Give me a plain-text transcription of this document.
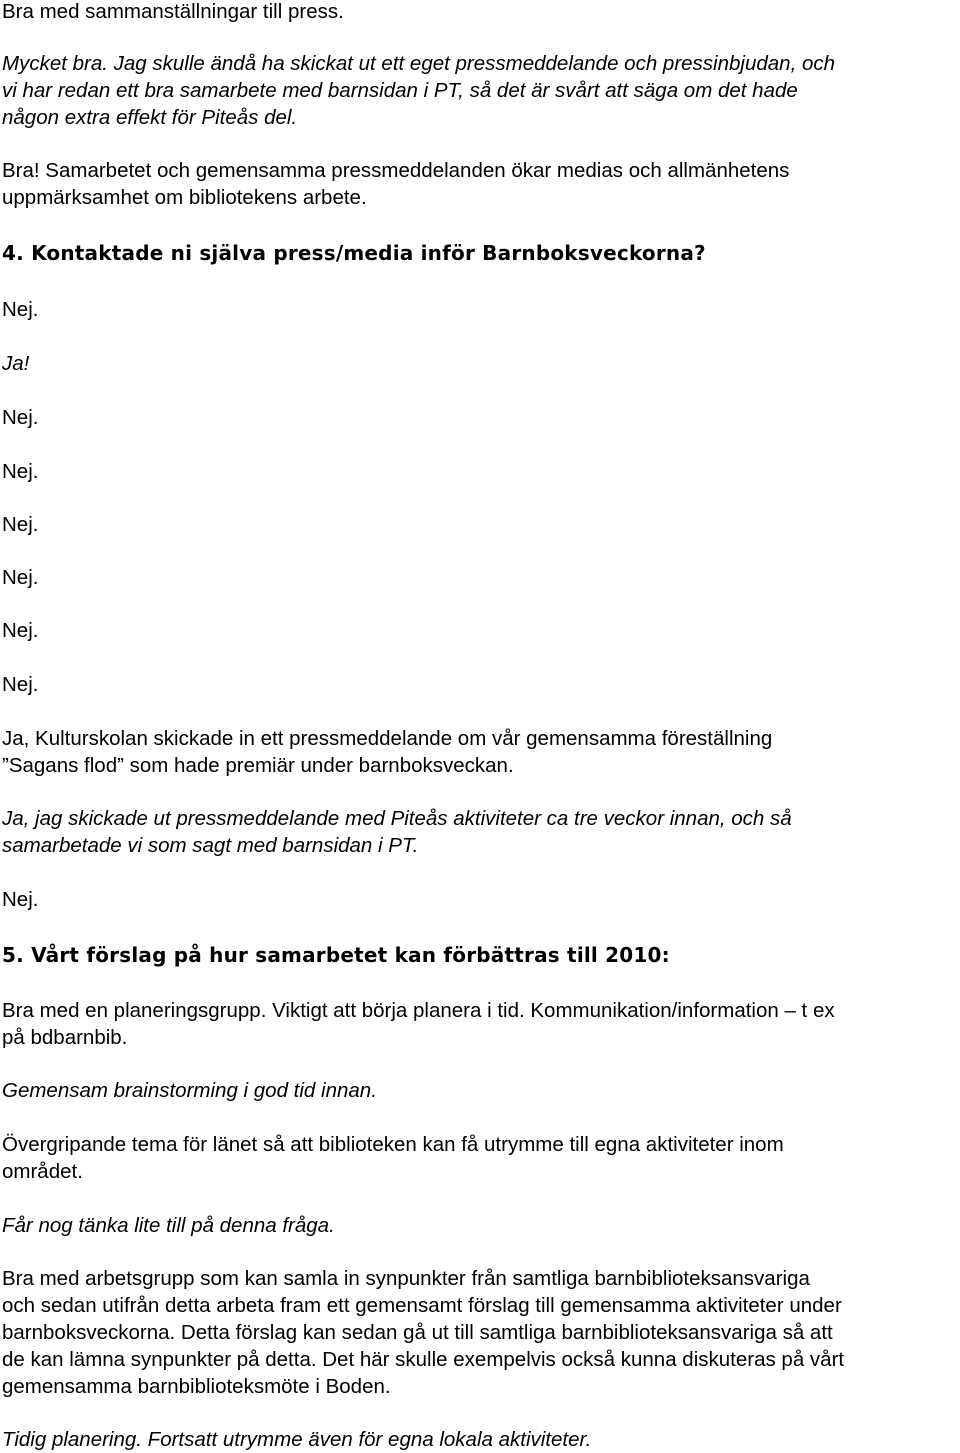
Bra med sammanställningar till press.

Mycket bra. Jag skulle ändå ha skickat ut ett eget pressmeddelande och pressinbjudan, och

vi har redan ett bra samarbete med barnsidan i PT, så det är svårt att säga om det hade

någon extra effekt för Piteås del.

Bra! Samarbetet och gemensamma pressmeddelanden ökar medias och allmänhetens

uppmärksamhet om bibliotekens arbete.

4. Kontaktade ni själva press/media inför Barnboksveckorna?

Nej.

Ja!

Nej.

Nej.

Nej.

Nej.

Nej.

Nej.

Ja, Kulturskolan skickade in ett pressmeddelande om vår gemensamma föreställning

”Sagans flod” som hade premiär under barnboksveckan.

Ja, jag skickade ut pressmeddelande med Piteås aktiviteter ca tre veckor innan, och så

samarbetade vi som sagt med barnsidan i PT.

Nej.

5. Vårt förslag på hur samarbetet kan förbättras till 2010:

Bra med en planeringsgrupp. Viktigt att börja planera i tid. Kommunikation/information – t ex

på bdbarnbib.

Gemensam brainstorming i god tid innan.

Övergripande tema för länet så att biblioteken kan få utrymme till egna aktiviteter inom

området.

Får nog tänka lite till på denna fråga.

Bra med arbetsgrupp som kan samla in synpunkter från samtliga barnbiblioteksansvariga

och sedan utifrån detta arbeta fram ett gemensamt förslag till gemensamma aktiviteter under

barnboksveckorna. Detta förslag kan sedan gå ut till samtliga barnbiblioteksansvariga så att

de kan lämna synpunkter på detta. Det här skulle exempelvis också kunna diskuteras på vårt

gemensamma barnbiblioteksmöte i Boden.

Tidig planering. Fortsatt utrymme även för egna lokala aktiviteter.
